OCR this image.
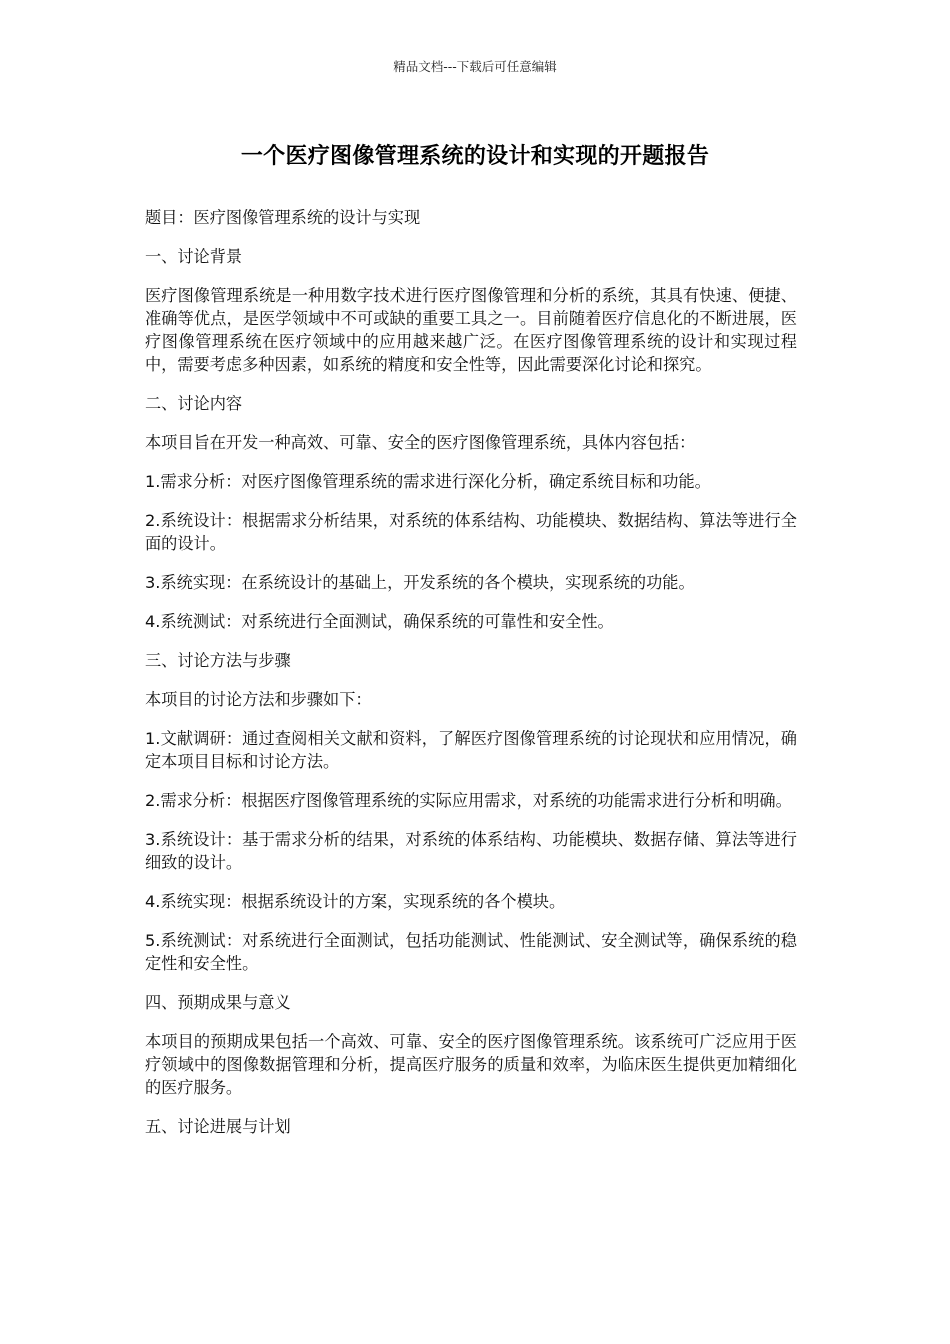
精品文档---下载后可任意编辑
一个医疗图像管理系统的设计和实现的开题报告

题目：医疗图像管理系统的设计与实现

一、讨论背景

医疗图像管理系统是一种用数字技术进行医疗图像管理和分析的系统，其具有快速、便捷、准确等优点，是医学领域中不可或缺的重要工具之一。目前随着医疗信息化的不断进展，医疗图像管理系统在医疗领域中的应用越来越广泛。在医疗图像管理系统的设计和实现过程中，需要考虑多种因素，如系统的精度和安全性等，因此需要深化讨论和探究。

二、讨论内容

本项目旨在开发一种高效、可靠、安全的医疗图像管理系统，具体内容包括：

1.需求分析：对医疗图像管理系统的需求进行深化分析，确定系统目标和功能。

2.系统设计：根据需求分析结果，对系统的体系结构、功能模块、数据结构、算法等进行全面的设计。

3.系统实现：在系统设计的基础上，开发系统的各个模块，实现系统的功能。

4.系统测试：对系统进行全面测试，确保系统的可靠性和安全性。

三、讨论方法与步骤

本项目的讨论方法和步骤如下：

1.文献调研：通过查阅相关文献和资料，了解医疗图像管理系统的讨论现状和应用情况，确定本项目目标和讨论方法。

2.需求分析：根据医疗图像管理系统的实际应用需求，对系统的功能需求进行分析和明确。

3.系统设计：基于需求分析的结果，对系统的体系结构、功能模块、数据存储、算法等进行细致的设计。

4.系统实现：根据系统设计的方案，实现系统的各个模块。

5.系统测试：对系统进行全面测试，包括功能测试、性能测试、安全测试等，确保系统的稳定性和安全性。

四、预期成果与意义

本项目的预期成果包括一个高效、可靠、安全的医疗图像管理系统。该系统可广泛应用于医疗领域中的图像数据管理和分析，提高医疗服务的质量和效率，为临床医生提供更加精细化的医疗服务。

五、讨论进展与计划
